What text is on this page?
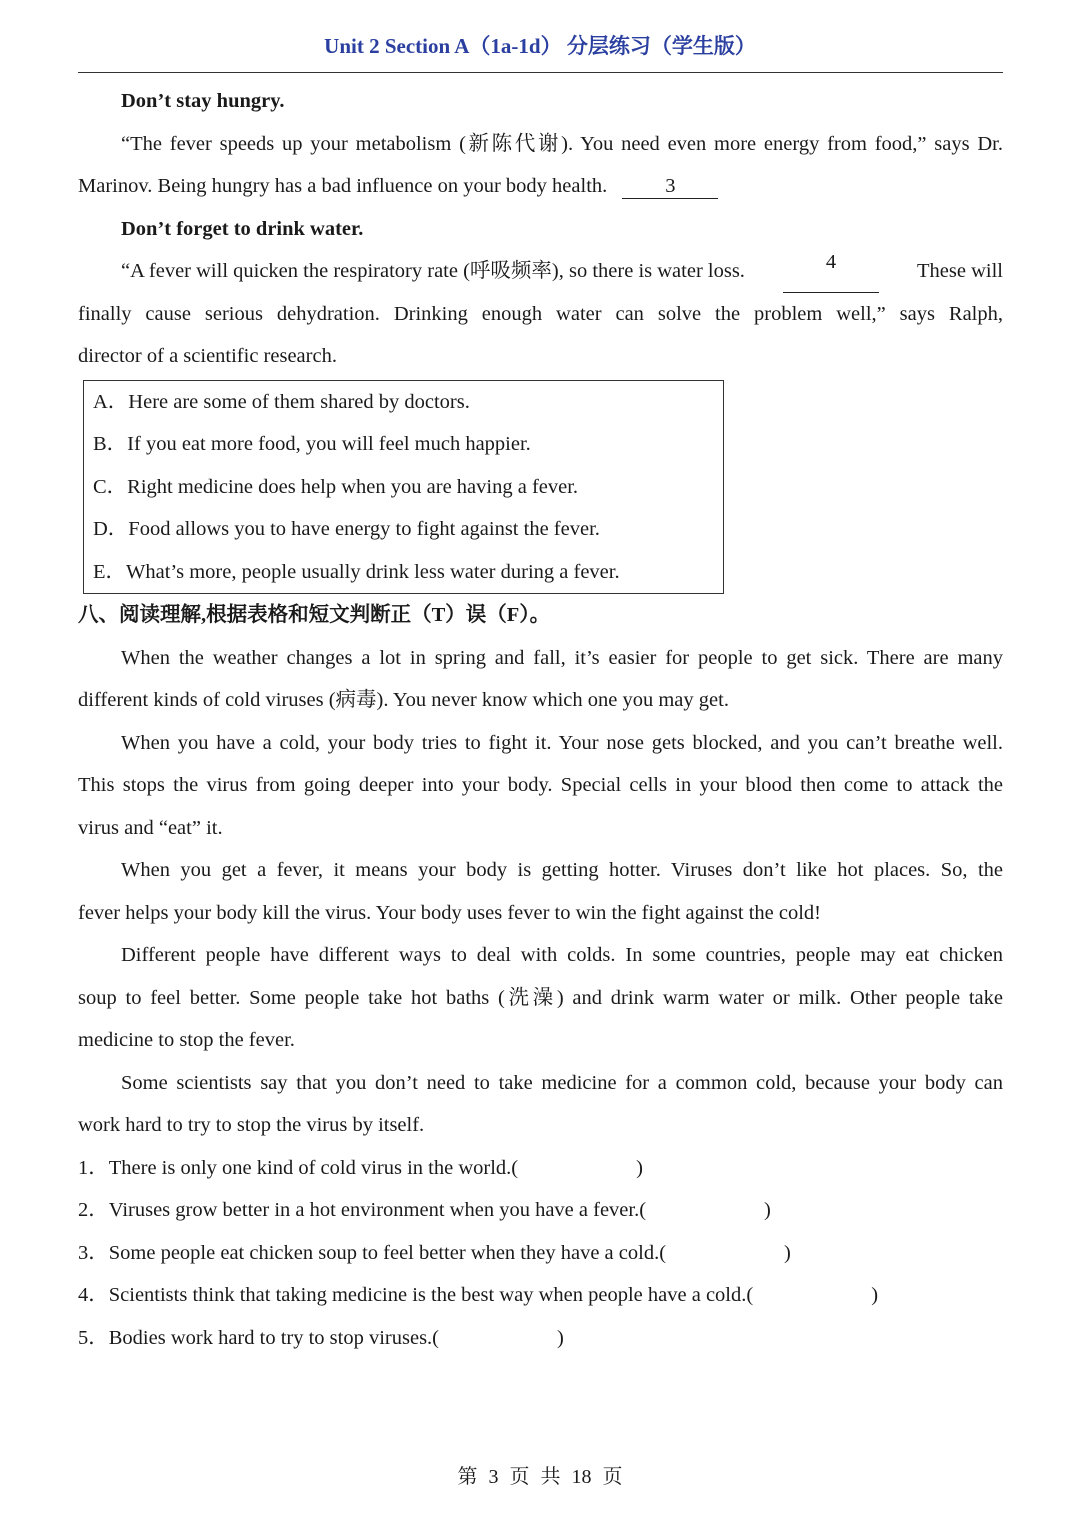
Unit 2 Section A（1a-1d） 分层练习（学生版）
Don’t stay hungry.
“The fever speeds up your metabolism (新陈代谢). You need even more energy from food,” says Dr.
Marinov. Being hungry has a bad influence on your body health.	3
Don’t forget to drink water.
“A fever will quicken the respiratory rate (呼吸频率), so there is water loss.	4	These will
finally cause serious dehydration. Drinking enough water can solve the problem well,” says Ralph,
director of a scientific research.
A．Here are some of them shared by doctors.
B．If you eat more food, you will feel much happier.
C．Right medicine does help when you are having a fever.
D．Food allows you to have energy to fight against the fever.
E．What’s more, people usually drink less water during a fever.
八、阅读理解,根据表格和短文判断正（T）误（F）。
When the weather changes a lot in spring and fall, it’s easier for people to get sick. There are many
different kinds of cold viruses (病毒). You never know which one you may get.
When you have a cold, your body tries to fight it. Your nose gets blocked, and you can’t breathe well.
This stops the virus from going deeper into your body. Special cells in your blood then come to attack the
virus and “eat” it.
When you get a fever, it means your body is getting hotter. Viruses don’t like hot places. So, the
fever helps your body kill the virus. Your body uses fever to win the fight against the cold!
Different people have different ways to deal with colds. In some countries, people may eat chicken
soup to feel better. Some people take hot baths (洗澡) and drink warm water or milk. Other people take
medicine to stop the fever.
Some scientists say that you don’t need to take medicine for a common cold, because your body can
work hard to try to stop the virus by itself.
1．There is only one kind of cold virus in the world.(	)
2．Viruses grow better in a hot environment when you have a fever.(	)
3．Some people eat chicken soup to feel better when they have a cold.(	)
4．Scientists think that taking medicine is the best way when people have a cold.(	)
5．Bodies work hard to try to stop viruses.(	)
第 3 页 共 18 页
